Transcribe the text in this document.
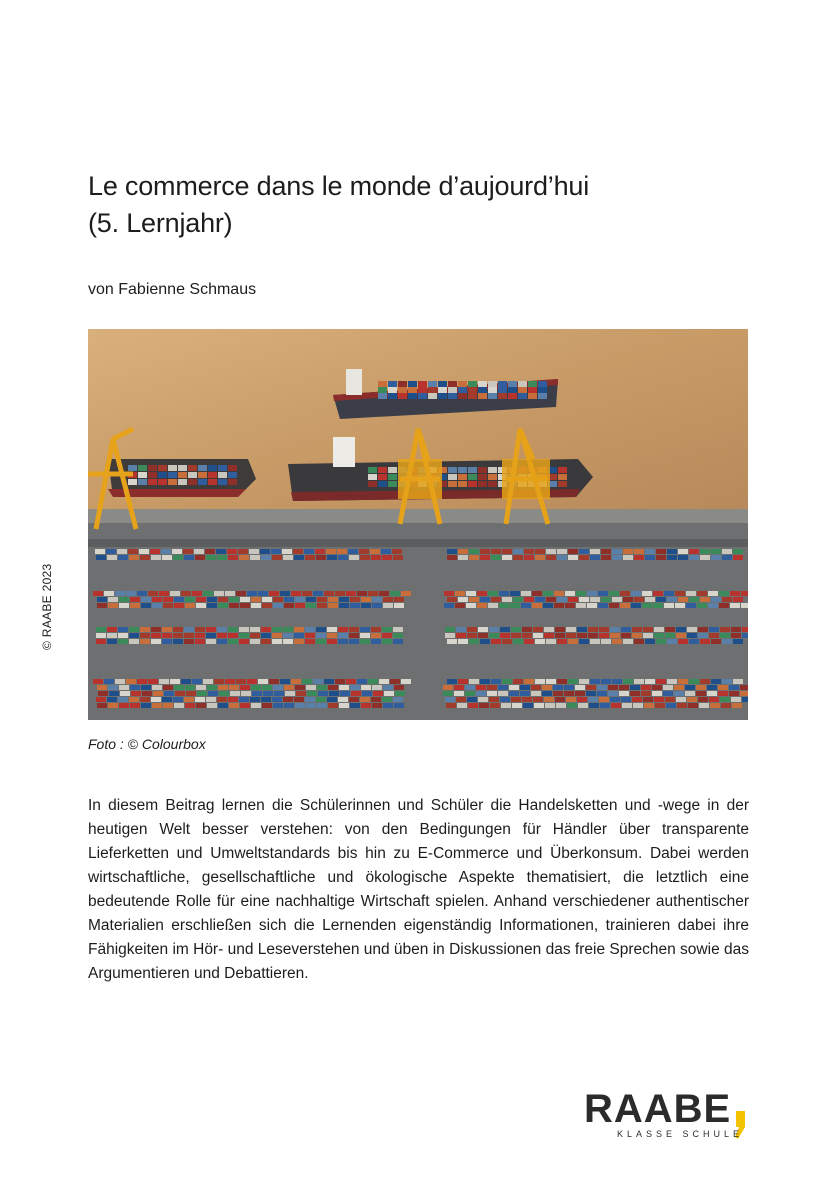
Le commerce dans le monde d’aujourd’hui
(5. Lernjahr)
von Fabienne Schmaus
© RAABE 2023
Foto : © Colourbox

In diesem Beitrag lernen die Schülerinnen und Schüler die Handelsketten und -wege in der heutigen Welt besser verstehen: von den Bedingungen für Händler über transparente Lieferketten und Umweltstandards bis hin zu E-Commerce und Überkonsum. Dabei werden wirtschaftliche, gesellschaftliche und ökologische Aspekte thematisiert, die letztlich eine bedeutende Rolle für eine nachhaltige Wirtschaft spielen. Anhand verschiedener authentischer Materialien erschließen sich die Lernenden eigenständig Informationen, trainieren dabei ihre Fähigkeiten im Hör- und Leseverstehen und üben in Diskussionen das freie Sprechen sowie das Argumentieren und Debattieren.

RAABE
KLASSE SCHULE
